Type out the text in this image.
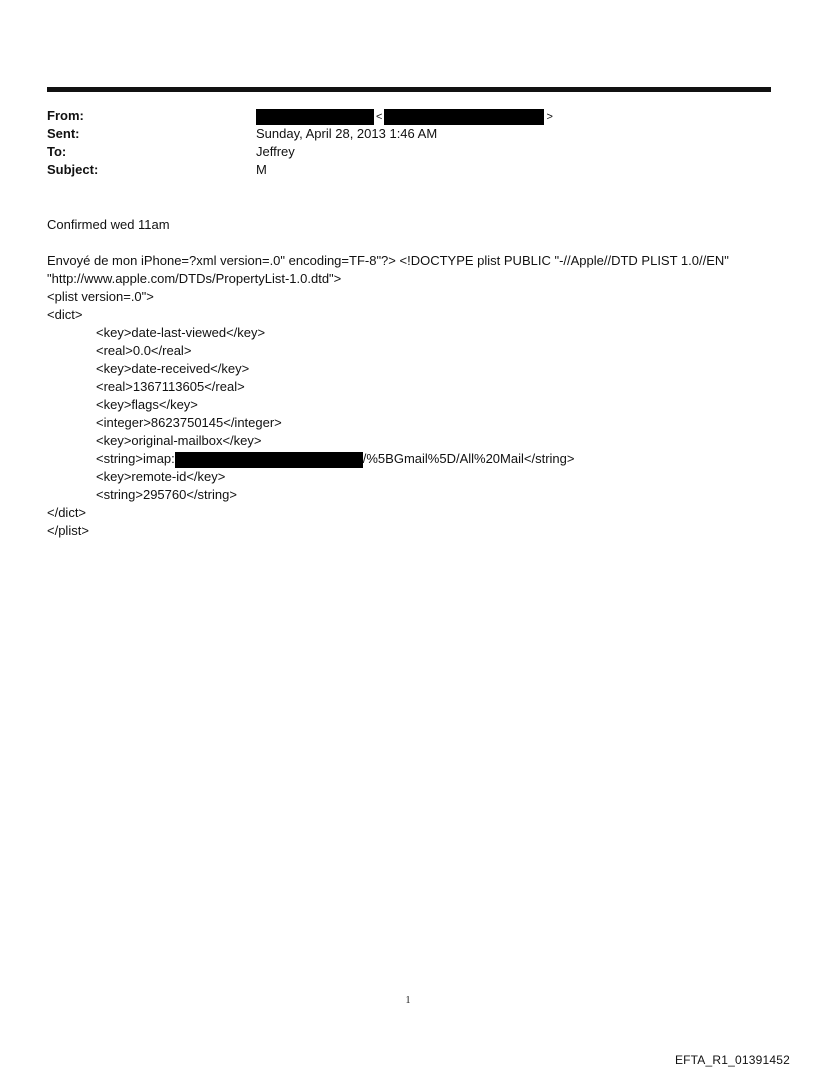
From:	<	>
Sent:	Sunday, April 28, 2013 1:46 AM
To:	Jeffrey
Subject:	M
Confirmed wed 11am
Envoyé de mon iPhone=?xml version=.0" encoding=TF-8"?> <!DOCTYPE plist PUBLIC "-//Apple//DTD PLIST 1.0//EN"
"http://www.apple.com/DTDs/PropertyList-1.0.dtd">
<plist version=.0">
<dict>
<key>date-last-viewed</key>
<real>0.0</real>
<key>date-received</key>
<real>1367113605</real>
<key>flags</key>
<integer>8623750145</integer>
<key>original-mailbox</key>
<string>imap:	/%5BGmail%5D/All%20Mail</string>
<key>remote-id</key>
<string>295760</string>
</dict>
</plist>
1
EFTA_R1_01391452
